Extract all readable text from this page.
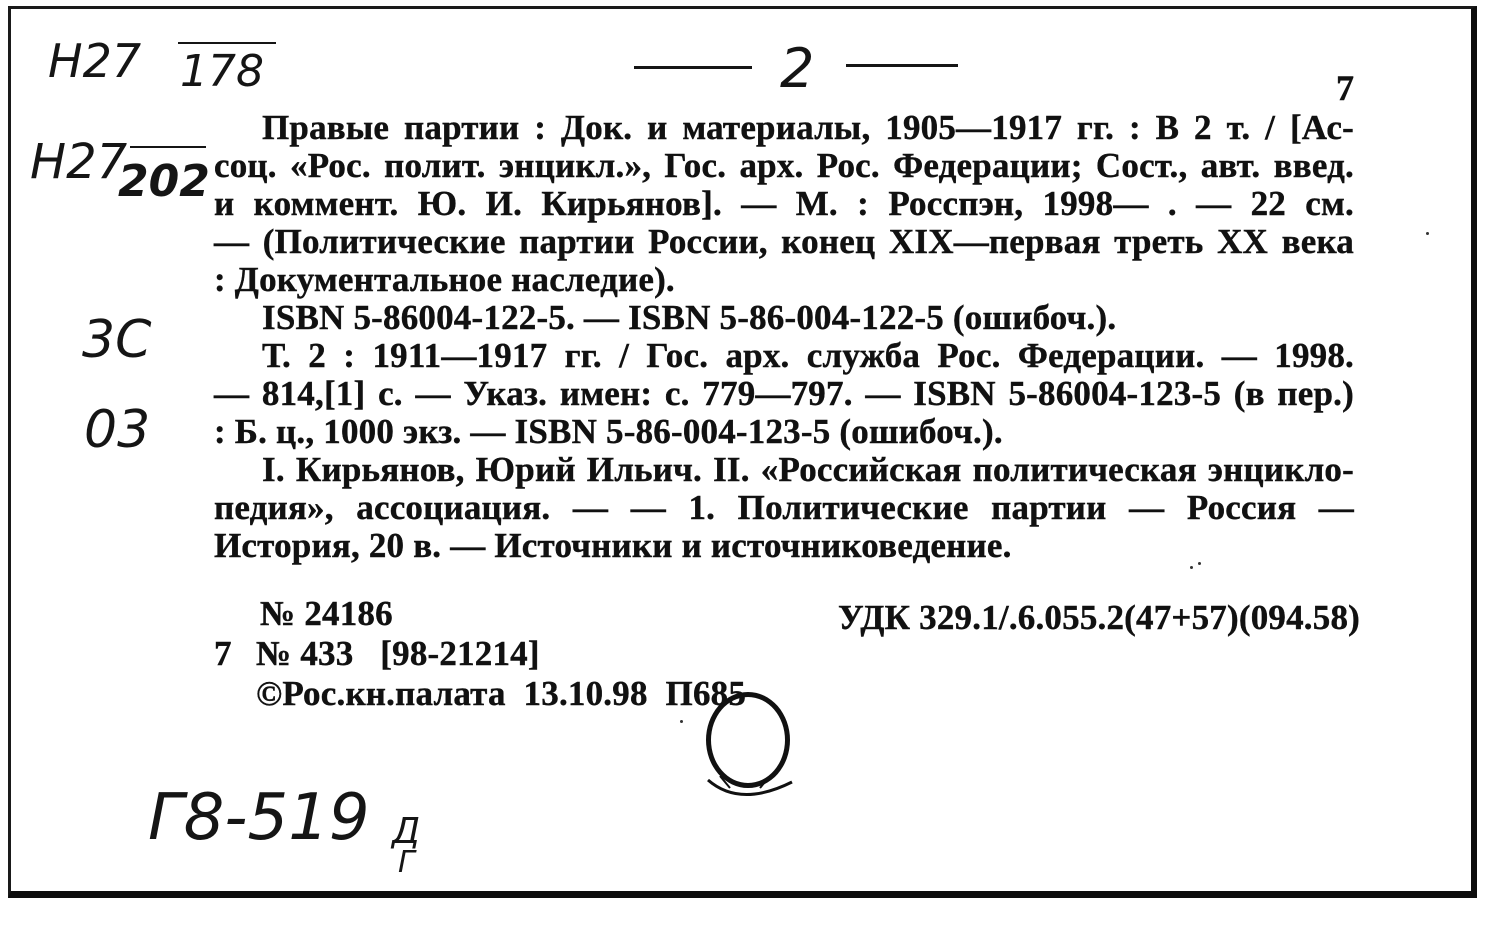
Н27 178
Н27
202
2
3С
03
Г8-519 Д
Г
7
Правые партии : Док. и материалы, 1905—1917 гг. : В 2 т. / [Ас-
соц. «Рос. полит. энцикл.», Гос. арх. Рос. Федерации; Сост., авт. введ.
и коммент. Ю. И. Кирьянов]. — М. : Росспэн, 1998— . — 22 см.
— (Политические партии России, конец XIX—первая треть XX века
: Документальное наследие).
ISBN 5-86004-122-5. — ISBN 5-86-004-122-5 (ошибоч.).
Т. 2 : 1911—1917 гг. / Гос. арх. служба Рос. Федерации. — 1998.
— 814,[1] с. — Указ. имен: с. 779—797. — ISBN 5-86004-123-5 (в пер.)
: Б. ц., 1000 экз. — ISBN 5-86-004-123-5 (ошибоч.).
I. Кирьянов, Юрий Ильич. II. «Российская политическая энцикло-
педия», ассоциация. — — 1. Политические партии — Россия —
История, 20 в. — Источники и источниковедение.
№ 24186	УДК 329.1/.6.055.2(47+57)(094.58)
7 № 433   [98-21214]
©Рос.кн.палата  13.10.98  П685
